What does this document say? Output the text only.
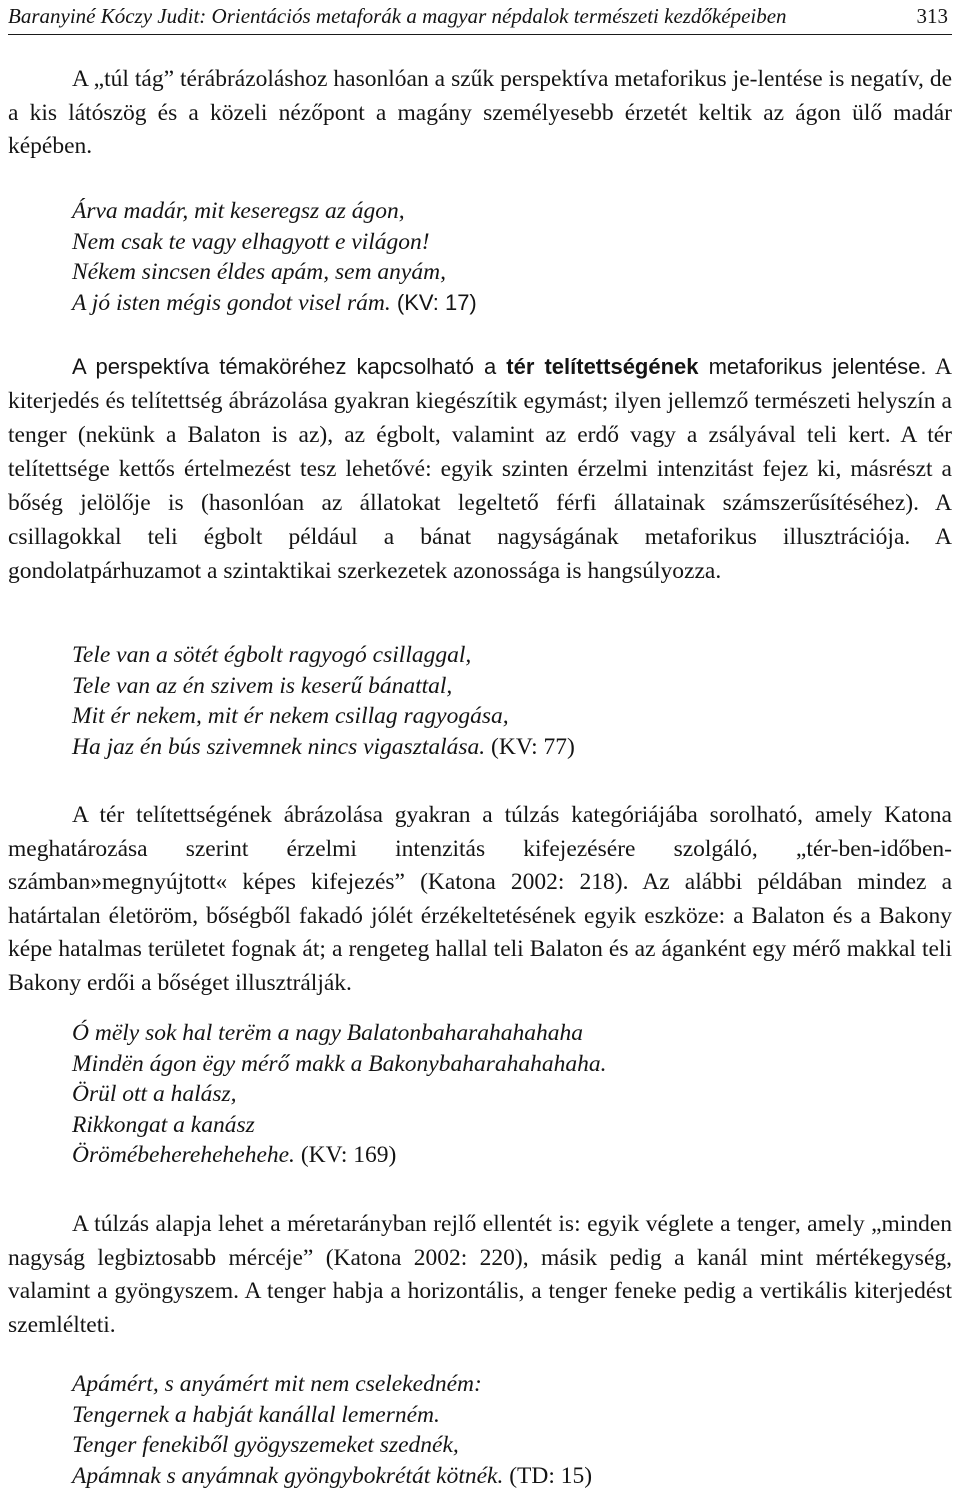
Baranyiné Kóczy Judit: Orientációs metaforák a magyar népdalok természeti kezdőképeiben	313

A „túl tág” térábrázoláshoz hasonlóan a szűk perspektíva metaforikus je-lentése is negatív, de a kis látószög és a közeli nézőpont a magány személyesebb érzetét keltik az ágon ülő madár képében.

Árva madár, mit keseregsz az ágon,
Nem csak te vagy elhagyott e világon!
Nékem sincsen éldes apám, sem anyám,
A jó isten mégis gondot visel rám. (KV: 17)

A perspektíva témaköréhez kapcsolható a tér telítettségének metaforikus jelentése. A kiterjedés és telítettség ábrázolása gyakran kiegészítik egymást; ilyen jellemző természeti helyszín a tenger (nekünk a Balaton is az), az égbolt, valamint az erdő vagy a zsályával teli kert. A tér telítettsége kettős értelmezést tesz lehetővé: egyik szinten érzelmi intenzitást fejez ki, másrészt a bőség jelölője is (hasonlóan az állatokat legeltető férfi állatainak számszerűsítéséhez). A csillagokkal teli égbolt például a bánat nagyságának metaforikus illusztrációja. A gondolatpárhuzamot a szintaktikai szerkezetek azonossága is hangsúlyozza.

Tele van a sötét égbolt ragyogó csillaggal,
Tele van az én szivem is keserű bánattal,
Mit ér nekem, mit ér nekem csillag ragyogása,
Ha jaz én bús szivemnek nincs vigasztalása. (KV: 77)

A tér telítettségének ábrázolása gyakran a túlzás kategóriájába sorolható, amely Katona meghatározása szerint érzelmi intenzitás kifejezésére szolgáló, „tér-ben-időben-számban»megnyújtott« képes kifejezés” (Katona 2002: 218). Az alábbi példában mindez a határtalan életöröm, bőségből fakadó jólét érzékeltetésének egyik eszköze: a Balaton és a Bakony képe hatalmas területet fognak át; a rengeteg hallal teli Balaton és az áganként egy mérő makkal teli Bakony erdői a bőséget illusztrálják.

Ó mëly sok hal terëm a nagy Balatonbaharahahahaha
Mindën ágon ëgy mérő makk a Bakonybaharahahahaha.
Örül ott a halász,
Rikkongat a kanász
Örömébeherehehehehe. (KV: 169)

A túlzás alapja lehet a méretarányban rejlő ellentét is: egyik véglete a tenger, amely „minden nagyság legbiztosabb mércéje” (Katona 2002: 220), másik pedig a kanál mint mértékegység, valamint a gyöngyszem. A tenger habja a horizontális, a tenger feneke pedig a vertikális kiterjedést szemlélteti.

Apámért, s anyámért mit nem cselekedném:
Tengernek a habját kanállal lemerném.
Tenger fenekiből gyögyszemeket szednék,
Apámnak s anyámnak gyöngybokrétát kötnék. (TD: 15)
